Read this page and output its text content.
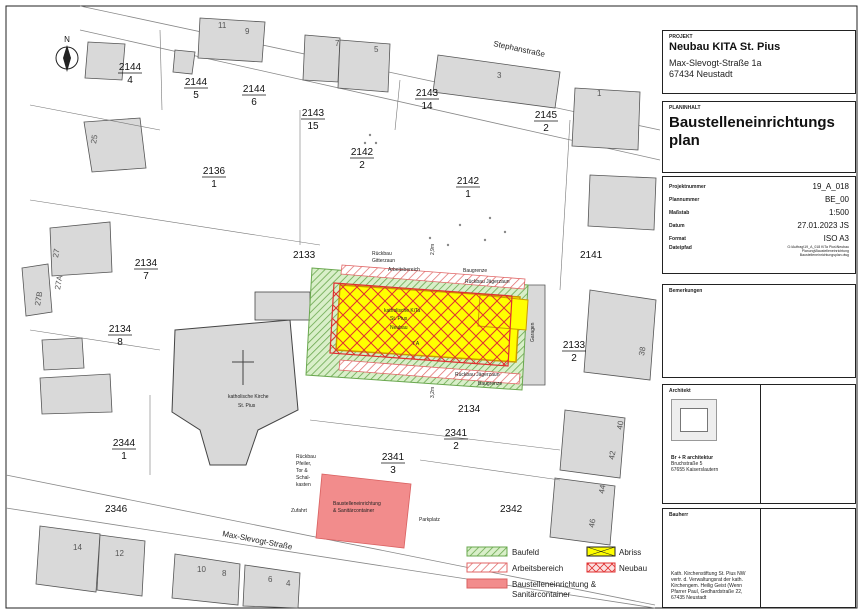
N	Stephanstraße
Max-Slevogt-Straße
Zufahrt
Parkplatz
Garagen
2144
4	2144
5
2144
6
2143
15
2142
2
2143
14
2145
2
2136
1	2142
1
2134
7
2134
8	2133
2
2344
1
2341
2
2341
3
2141
2133
2134
2346	2342
11
9
7
5
3
1
25
27
27B
27A
38
40
42
44
46
14
12
10 8
6 4
katholische KiTa
St. Pius
Neubau
katholische Kirche
St. Pius
Rückbau
Gitterzaun
Arbeitsbereich	Baugrenze
Rückbau Jägerzaun
Rückbau Jägerzaun
Baugrenze
2,9m
3,2m
7 A
Rückbau
Pfeiler,
Tor &
Schal-
kasten
Baustelleneinrichtung
& Sanitärcontainer
Baufeld	Abriss
Arbeitsbereich	Neubau
Baustelleneinrichtung &
Sanitärcontainer
PROJEKT
Neubau KITA St. Pius
Max-Slevogt-Straße 1a
67434 Neustadt
PLANINHALT
Baustelleneinrichtungs
plan
Projektnummer	19_A_018
Plannummer	BE_00
Maßstab	1:500
Datum	27.01.2023 JS
Format	ISO A3
Dateipfad	G:\Auftrag\19_A_018 KiTa Pius\Neubau
Planung\Baustelleneinrichtung
Baustelleneinrichtungsplan.dwg
Bemerkungen
Architekt
Br + R architektur
Bruchstraße 5
67655 Kaiserslautern
Bauherr
Kath. Kirchenstiftung St. Pius NW
vertr. d. Verwaltungsrat der kath.
Kirchengem. Heilig Geist (Wenn
Pfarrer Paul, Gedhardstraße 22,
67435 Neustadt
